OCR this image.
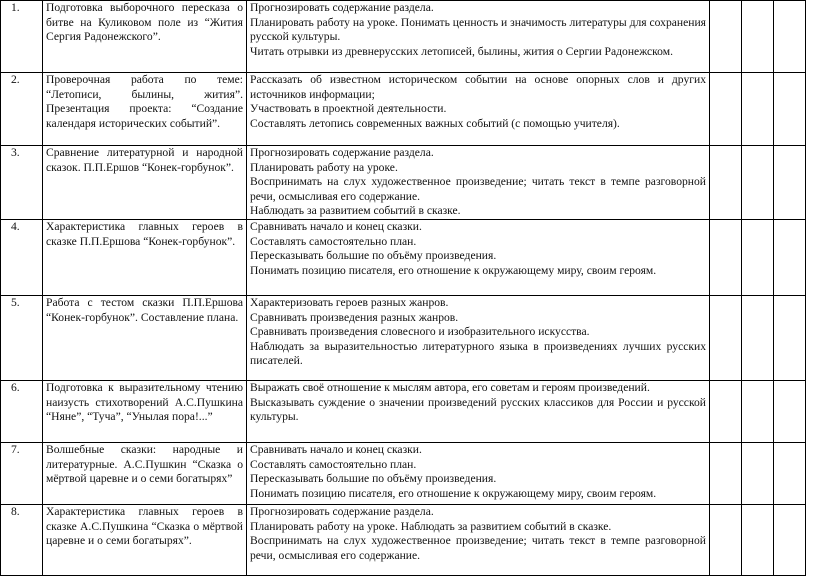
1.	Подготовка выборочного пересказа о битве на Куликовом поле из “Жития Сергия Радонежского”.	Прогнозировать содержание раздела.
Планировать работу на уроке. Понимать ценность и значимость литературы для сохранения русской культуры.
Читать отрывки из древнерусских летописей, былины, жития о Сергии Радонежском.			

2.	Проверочная работа по теме: “Летописи, былины, жития”. Презентация проекта: “Создание календаря исторических событий”.	Рассказать об известном историческом событии на основе опорных слов и других источников информации;
Участвовать в проектной деятельности.
Составлять летопись современных важных событий (с помощью учителя).			

3.	Сравнение литературной и народной сказок. П.П.Ершов “Конек-горбунок”.	Прогнозировать содержание раздела.
Планировать работу на уроке.
Воспринимать на слух художественное произведение; читать текст в темпе разговорной речи, осмысливая его содержание.
Наблюдать за развитием событий в сказке.			

4.	Характеристика главных героев в сказке П.П.Ершова “Конек-горбунок”.	Сравнивать начало и конец сказки.
Составлять самостоятельно план.
Пересказывать большие по объёму произведения.
Понимать позицию писателя, его отношение к окружающему миру, своим героям.			

5.	Работа с тестом сказки П.П.Ершова “Конек-горбунок”. Составление плана.	Характеризовать героев разных жанров.
Сравнивать произведения разных жанров.
Сравнивать произведения словесного и изобразительного искусства.
Наблюдать за выразительностью литературного языка в произведениях лучших русских писателей.			

6.	Подготовка к выразительному чтению наизусть стихотворений А.С.Пушкина “Няне”, “Туча”, “Унылая пора!...”	Выражать своё отношение к мыслям автора, его советам и героям произведений.
Высказывать суждение о значении произведений русских классиков для России и русской культуры.			

7.	Волшебные сказки: народные и литературные. А.С.Пушкин “Сказка о мёртвой царевне и о семи богатырях”	Сравнивать начало и конец сказки.
Составлять самостоятельно план.
Пересказывать большие по объёму произведения.
Понимать позицию писателя, его отношение к окружающему миру, своим героям.			

8.	Характеристика главных героев в сказке А.С.Пушкина “Сказка о мёртвой царевне и о семи богатырях”.	Прогнозировать содержание раздела.
Планировать работу на уроке. Наблюдать за развитием событий в сказке.
Воспринимать на слух художественное произведение; читать текст в темпе разговорной речи, осмысливая его содержание.			
